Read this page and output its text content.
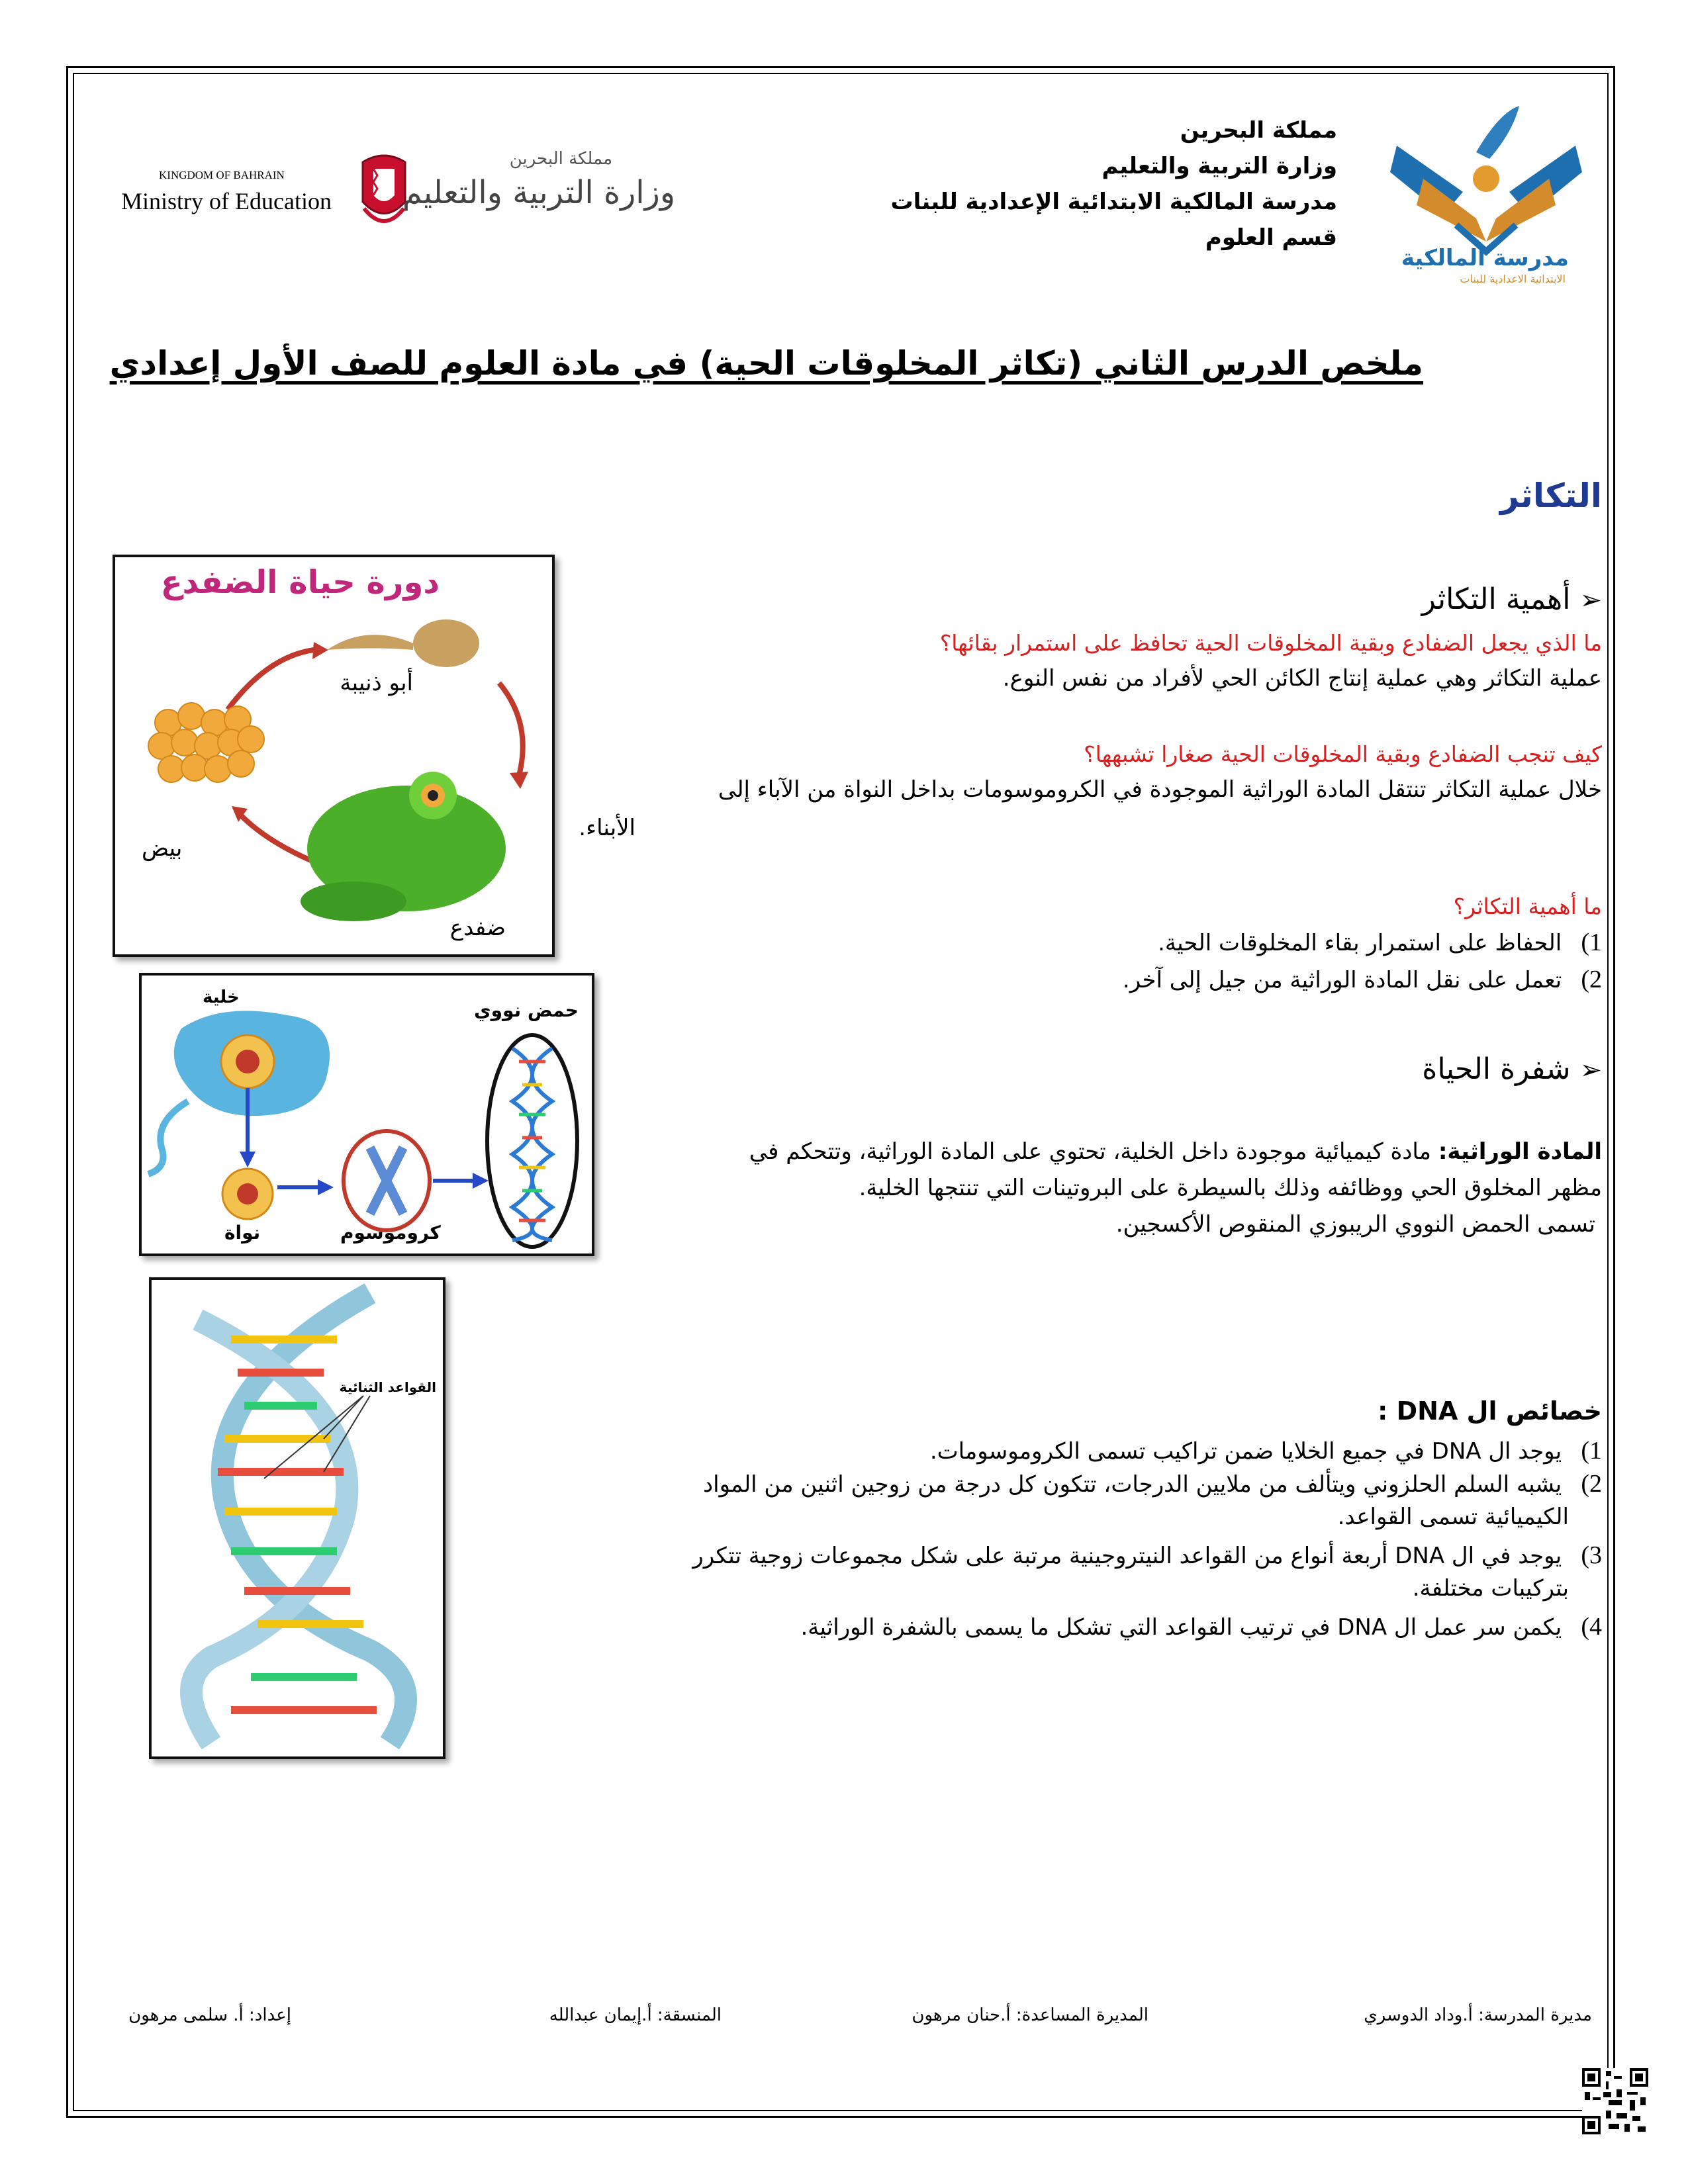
مدرسة المالكية
الابتدائية الاعدادية للبنات
مملكة البحرين
وزارة التربية والتعليم
مدرسة المالكية الابتدائية الإعدادية للبنات
قسم العلوم
KINGDOM OF BAHRAIN
Ministry of Education
مملكة البحرين
وزارة التربية والتعليم
ملخص الدرس الثاني (تكاثر المخلوقات الحية) في مادة العلوم للصف الأول إعدادي
التكاثر
➢ أهمية التكاثر
ما الذي يجعل الضفادع وبقية المخلوقات الحية تحافظ على استمرار بقائها؟
عملية التكاثر وهي عملية إنتاج الكائن الحي لأفراد من نفس النوع.
كيف تنجب الضفادع وبقية المخلوقات الحية صغارا تشبهها؟
خلال عملية التكاثر تنتقل المادة الوراثية الموجودة في الكروموسومات بداخل النواة من الآباء إلى
الأبناء.
ما أهمية التكاثر؟
1) الحفاظ على استمرار بقاء المخلوقات الحية.
2) تعمل على نقل المادة الوراثية من جيل إلى آخر.
➢ شفرة الحياة
المادة الوراثية: مادة كيميائية موجودة داخل الخلية، تحتوي على المادة الوراثية، وتتحكم في
مظهر المخلوق الحي ووظائفه وذلك بالسيطرة على البروتينات التي تنتجها الخلية.
تسمى الحمض النووي الريبوزي المنقوص الأكسجين.
خصائص ال DNA :
1) يوجد ال DNA في جميع الخلايا ضمن تراكيب تسمى الكروموسومات.
2) يشبه السلم الحلزوني ويتألف من ملايين الدرجات، تتكون كل درجة من زوجين اثنين من المواد
الكيميائية تسمى القواعد.
3) يوجد في ال DNA أربعة أنواع من القواعد النيتروجينية مرتبة على شكل مجموعات زوجية تتكرر
بتركيبات مختلفة.
4) يكمن سر عمل ال DNA في ترتيب القواعد التي تشكل ما يسمى بالشفرة الوراثية.
دورة حياة الضفدع
أبو ذنيبة
بيض
ضفدع
خلية
حمض نووي
نواة	كروموسوم
القواعد الثنائية
مديرة المدرسة: أ.وداد الدوسري
المديرة المساعدة: أ.حنان مرهون
المنسقة: أ.إيمان عبدالله
إعداد: أ. سلمى مرهون
